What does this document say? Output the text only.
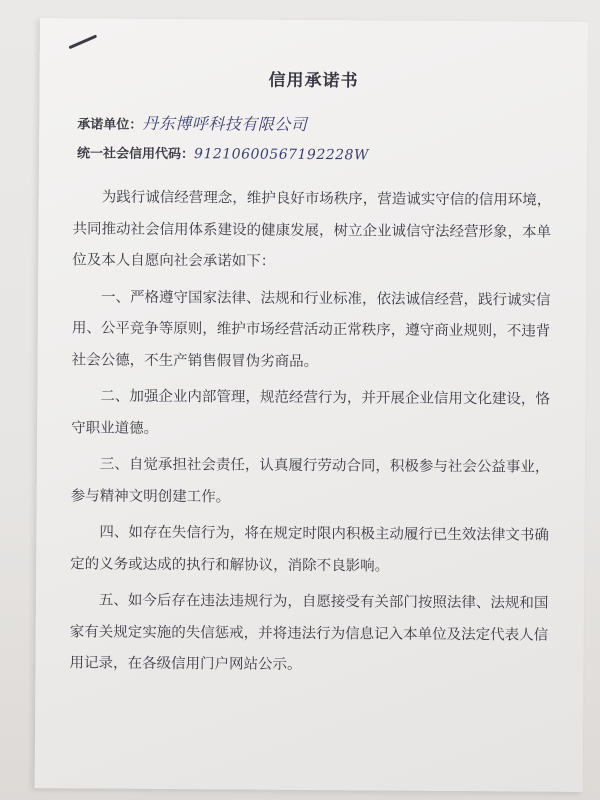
信用承诺书
承诺单位：丹东博呼科技有限公司
统一社会信用代码：91210600567192228W

为践行诚信经营理念，维护良好市场秩序，营造诚实守信的信用环境，共同推动社会信用体系建设的健康发展，树立企业诚信守法经营形象，本单位及本人自愿向社会承诺如下：

一、严格遵守国家法律、法规和行业标准，依法诚信经营，践行诚实信用、公平竞争等原则，维护市场经营活动正常秩序，遵守商业规则，不违背社会公德，不生产销售假冒伪劣商品。

二、加强企业内部管理，规范经营行为，并开展企业信用文化建设，恪守职业道德。

三、自觉承担社会责任，认真履行劳动合同，积极参与社会公益事业，参与精神文明创建工作。

四、如存在失信行为，将在规定时限内积极主动履行已生效法律文书确定的义务或达成的执行和解协议，消除不良影响。

五、如今后存在违法违规行为，自愿接受有关部门按照法律、法规和国家有关规定实施的失信惩戒，并将违法行为信息记入本单位及法定代表人信用记录，在各级信用门户网站公示。
